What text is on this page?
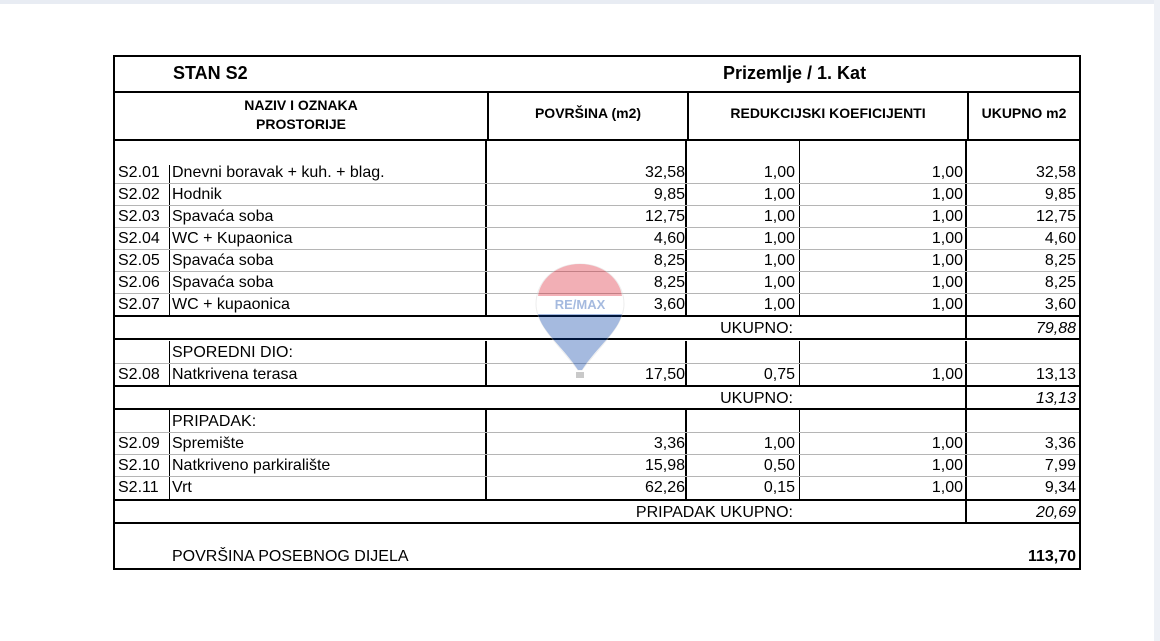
STAN S2	Prizemlje / 1. Kat
NAZIV I OZNAKA
PROSTORIJE
POVRŠINA (m2)	REDUKCIJSKI KOEFICIJENTI	UKUPNO m2
S2.01 Dnevni boravak + kuh. + blag.	32,58	1,00	1,00	32,58
S2.02 Hodnik	9,85	1,00	1,00	9,85
S2.03 Spavaća soba	12,75	1,00	1,00	12,75
S2.04 WC + Kupaonica	4,60	1,00	1,00	4,60
S2.05 Spavaća soba	8,25	1,00	1,00	8,25
S2.06 Spavaća soba	8,25	1,00	1,00	8,25
S2.07 WC + kupaonica	3,60	1,00	1,00	3,60
UKUPNO:	79,88
SPOREDNI DIO:
S2.08 Natkrivena terasa	17,50	0,75	1,00	13,13
UKUPNO:	13,13
PRIPADAK:
S2.09 Spremište	3,36	1,00	1,00	3,36
S2.10 Natkriveno parkiralište	15,98	0,50	1,00	7,99
S2.11 Vrt	62,26	0,15	1,00	9,34
PRIPADAK UKUPNO:	20,69
POVRŠINA POSEBNOG DIJELA	113,70
RE/MAX
